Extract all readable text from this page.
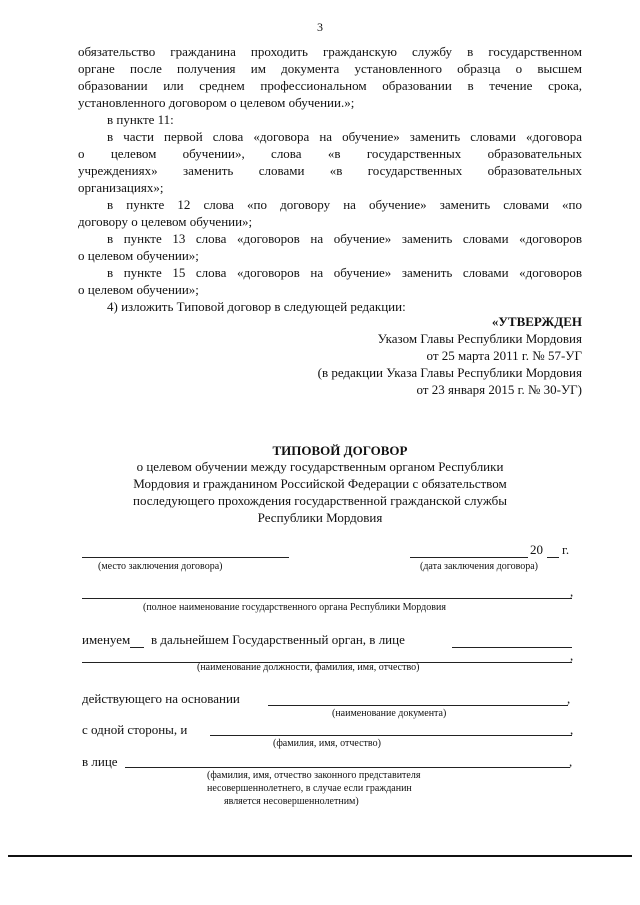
3
обязательство гражданина проходить гражданскую службу в государственном
органе после получения им документа установленного образца о высшем
образовании или среднем профессиональном образовании в течение срока,
установленного договором о целевом обучении.»;
в пункте 11:
в части первой слова «договора на обучение» заменить словами «договора
о целевом обучении», слова «в государственных образовательных
учреждениях» заменить словами «в государственных образовательных
организациях»;
в пункте 12 слова «по договору на обучение» заменить словами «по
договору о целевом обучении»;
в пункте 13 слова «договоров на обучение» заменить словами «договоров
о целевом обучении»;
в пункте 15 слова «договоров на обучение» заменить словами «договоров
о целевом обучении»;
4) изложить Типовой договор в следующей редакции:
«УТВЕРЖДЕН
Указом Главы Республики Мордовия
от 25 марта 2011 г. № 57-УГ
(в редакции Указа Главы Республики Мордовия
от 23 января 2015 г. № 30-УГ)
ТИПОВОЙ ДОГОВОР
о целевом обучении между государственным органом Республики
Мордовия и гражданином Российской Федерации с обязательством
последующего прохождения государственной гражданской службы
Республики Мордовия
20 г.
(место заключения договора)	(дата заключения договора)
,
(полное наименование государственного органа Республики Мордовия
именуем в дальнейшем Государственный орган, в лице
,
(наименование должности, фамилия, имя, отчество)
действующего на основании	,
(наименование документа)
с одной стороны, и	,
(фамилия, имя, отчество)
в лице	,
(фамилия, имя, отчество законного представителя
несовершеннолетнего, в случае если гражданин
является несовершеннолетним)
